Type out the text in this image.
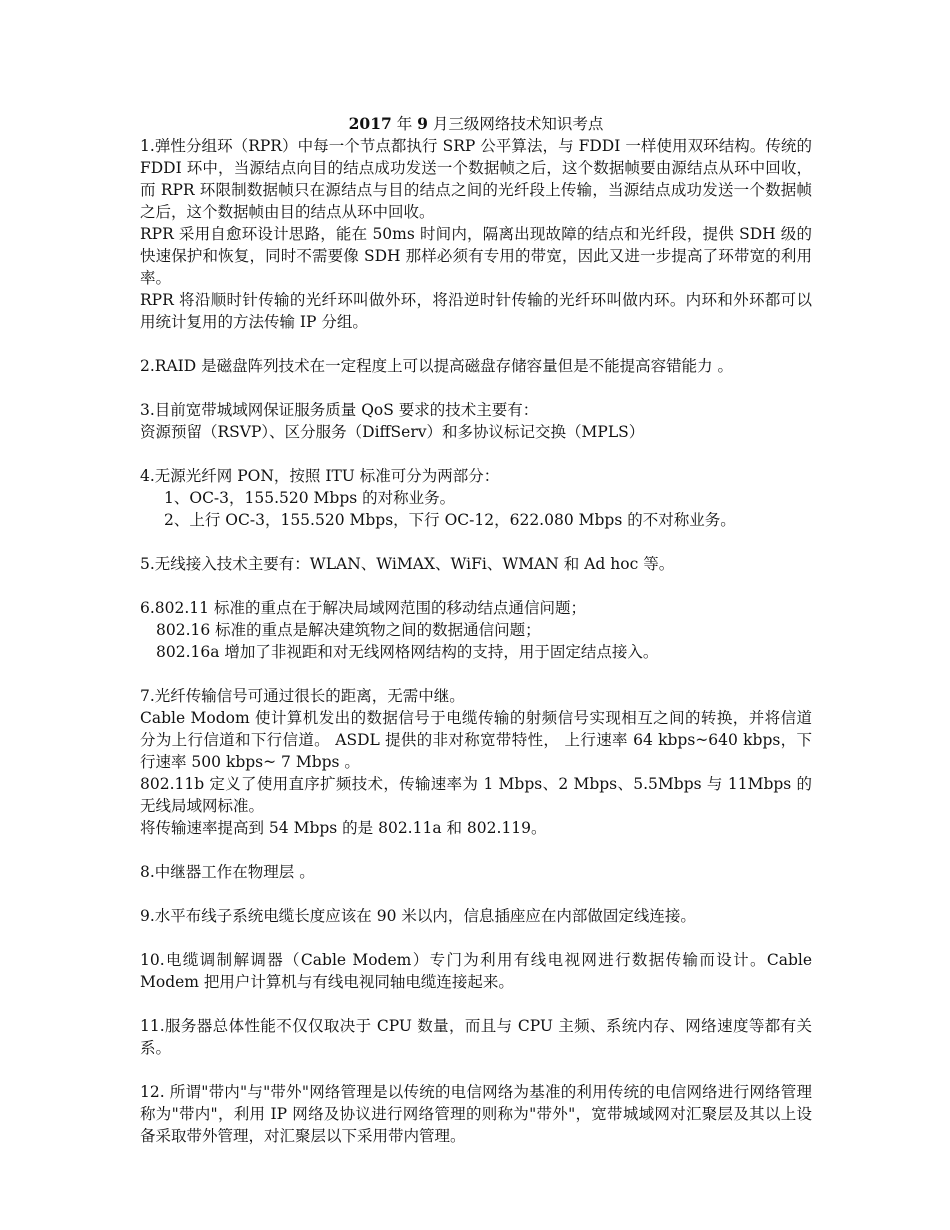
2017 年 9 月三级网络技术知识考点

1.弹性分组环（RPR）中每一个节点都执行 SRP 公平算法，与 FDDI 一样使用双环结构。传统的 FDDI 环中，当源结点向目的结点成功发送一个数据帧之后，这个数据帧要由源结点从环中回收，而 RPR 环限制数据帧只在源结点与目的结点之间的光纤段上传输，当源结点成功发送一个数据帧之后，这个数据帧由目的结点从环中回收。

RPR 采用自愈环设计思路，能在 50ms 时间内，隔离出现故障的结点和光纤段，提供 SDH 级的快速保护和恢复，同时不需要像 SDH 那样必须有专用的带宽，因此又进一步提高了环带宽的利用率。

RPR 将沿顺时针传输的光纤环叫做外环，将沿逆时针传输的光纤环叫做内环。内环和外环都可以用统计复用的方法传输 IP 分组。

2.RAID 是磁盘阵列技术在一定程度上可以提高磁盘存储容量但是不能提高容错能力 。

3.目前宽带城域网保证服务质量 QoS 要求的技术主要有：

资源预留（RSVP）、区分服务（DiffServ）和多协议标记交换（MPLS）

4.无源光纤网 PON，按照 ITU 标准可分为两部分：

1、OC-3，155.520 Mbps 的对称业务。

2、上行 OC-3，155.520 Mbps，下行 OC-12，622.080 Mbps 的不对称业务。

5.无线接入技术主要有：WLAN、WiMAX、WiFi、WMAN 和 Ad hoc 等。

6.802.11 标准的重点在于解决局域网范围的移动结点通信问题；

802.16 标准的重点是解决建筑物之间的数据通信问题；

802.16a 增加了非视距和对无线网格网结构的支持，用于固定结点接入。

7.光纤传输信号可通过很长的距离，无需中继。

Cable Modom 使计算机发出的数据信号于电缆传输的射频信号实现相互之间的转换，并将信道分为上行信道和下行信道。 ASDL 提供的非对称宽带特性， 上行速率 64 kbps~640 kbps，下行速率 500 kbps~ 7 Mbps 。

802.11b 定义了使用直序扩频技术，传输速率为 1 Mbps、2 Mbps、5.5Mbps 与 11Mbps 的无线局域网标准。

将传输速率提高到 54 Mbps 的是 802.11a 和 802.119。

8.中继器工作在物理层 。

9.水平布线子系统电缆长度应该在 90 米以内，信息插座应在内部做固定线连接。

10.电缆调制解调器（Cable Modem）专门为利用有线电视网进行数据传输而设计。Cable Modem 把用户计算机与有线电视同轴电缆连接起来。

11.服务器总体性能不仅仅取决于 CPU 数量，而且与 CPU 主频、系统内存、网络速度等都有关系。

12. 所谓"带内"与"带外"网络管理是以传统的电信网络为基准的利用传统的电信网络进行网络管理称为"带内"，利用 IP 网络及协议进行网络管理的则称为"带外"，宽带城域网对汇聚层及其以上设备采取带外管理，对汇聚层以下采用带内管理。
